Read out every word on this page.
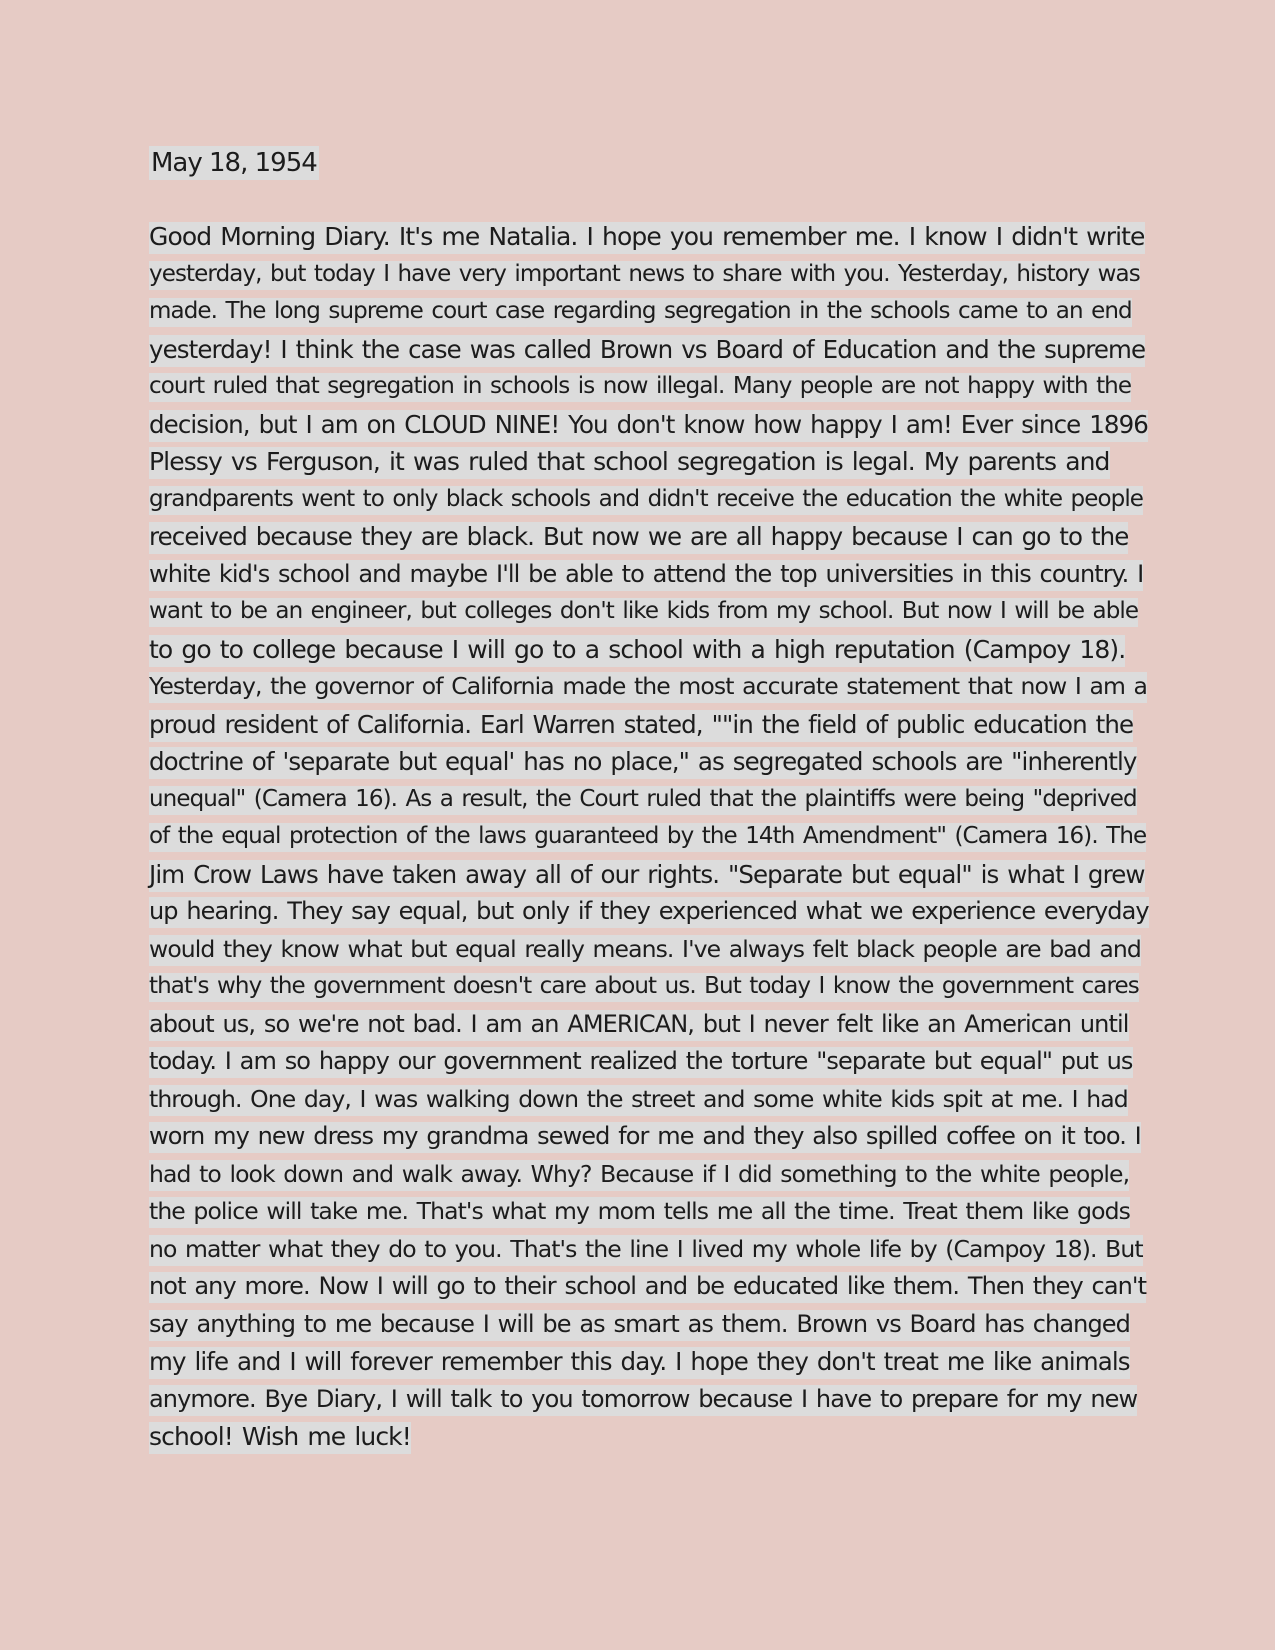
May 18, 1954
Good Morning Diary. It's me Natalia. I hope you remember me. I know I didn't write
yesterday, but today I have very important news to share with you. Yesterday, history was
made. The long supreme court case regarding segregation in the schools came to an end
yesterday! I think the case was called Brown vs Board of Education and the supreme
court ruled that segregation in schools is now illegal. Many people are not happy with the
decision, but I am on CLOUD NINE! You don't know how happy I am! Ever since 1896
Plessy vs Ferguson, it was ruled that school segregation is legal. My parents and
grandparents went to only black schools and didn't receive the education the white people
received because they are black. But now we are all happy because I can go to the
white kid's school and maybe I'll be able to attend the top universities in this country. I
want to be an engineer, but colleges don't like kids from my school. But now I will be able
to go to college because I will go to a school with a high reputation (Campoy 18).
Yesterday, the governor of California made the most accurate statement that now I am a
proud resident of California. Earl Warren stated, ""in the field of public education the
doctrine of 'separate but equal' has no place," as segregated schools are "inherently
unequal" (Camera 16). As a result, the Court ruled that the plaintiffs were being "deprived
of the equal protection of the laws guaranteed by the 14th Amendment" (Camera 16). The
Jim Crow Laws have taken away all of our rights. "Separate but equal" is what I grew
up hearing. They say equal, but only if they experienced what we experience everyday
would they know what but equal really means. I've always felt black people are bad and
that's why the government doesn't care about us. But today I know the government cares
about us, so we're not bad. I am an AMERICAN, but I never felt like an American until
today. I am so happy our government realized the torture "separate but equal" put us
through. One day, I was walking down the street and some white kids spit at me. I had
worn my new dress my grandma sewed for me and they also spilled coffee on it too. I
had to look down and walk away. Why? Because if I did something to the white people,
the police will take me. That's what my mom tells me all the time. Treat them like gods
no matter what they do to you. That's the line I lived my whole life by (Campoy 18). But
not any more. Now I will go to their school and be educated like them. Then they can't
say anything to me because I will be as smart as them. Brown vs Board has changed
my life and I will forever remember this day. I hope they don't treat me like animals
anymore. Bye Diary, I will talk to you tomorrow because I have to prepare for my new
school! Wish me luck!
